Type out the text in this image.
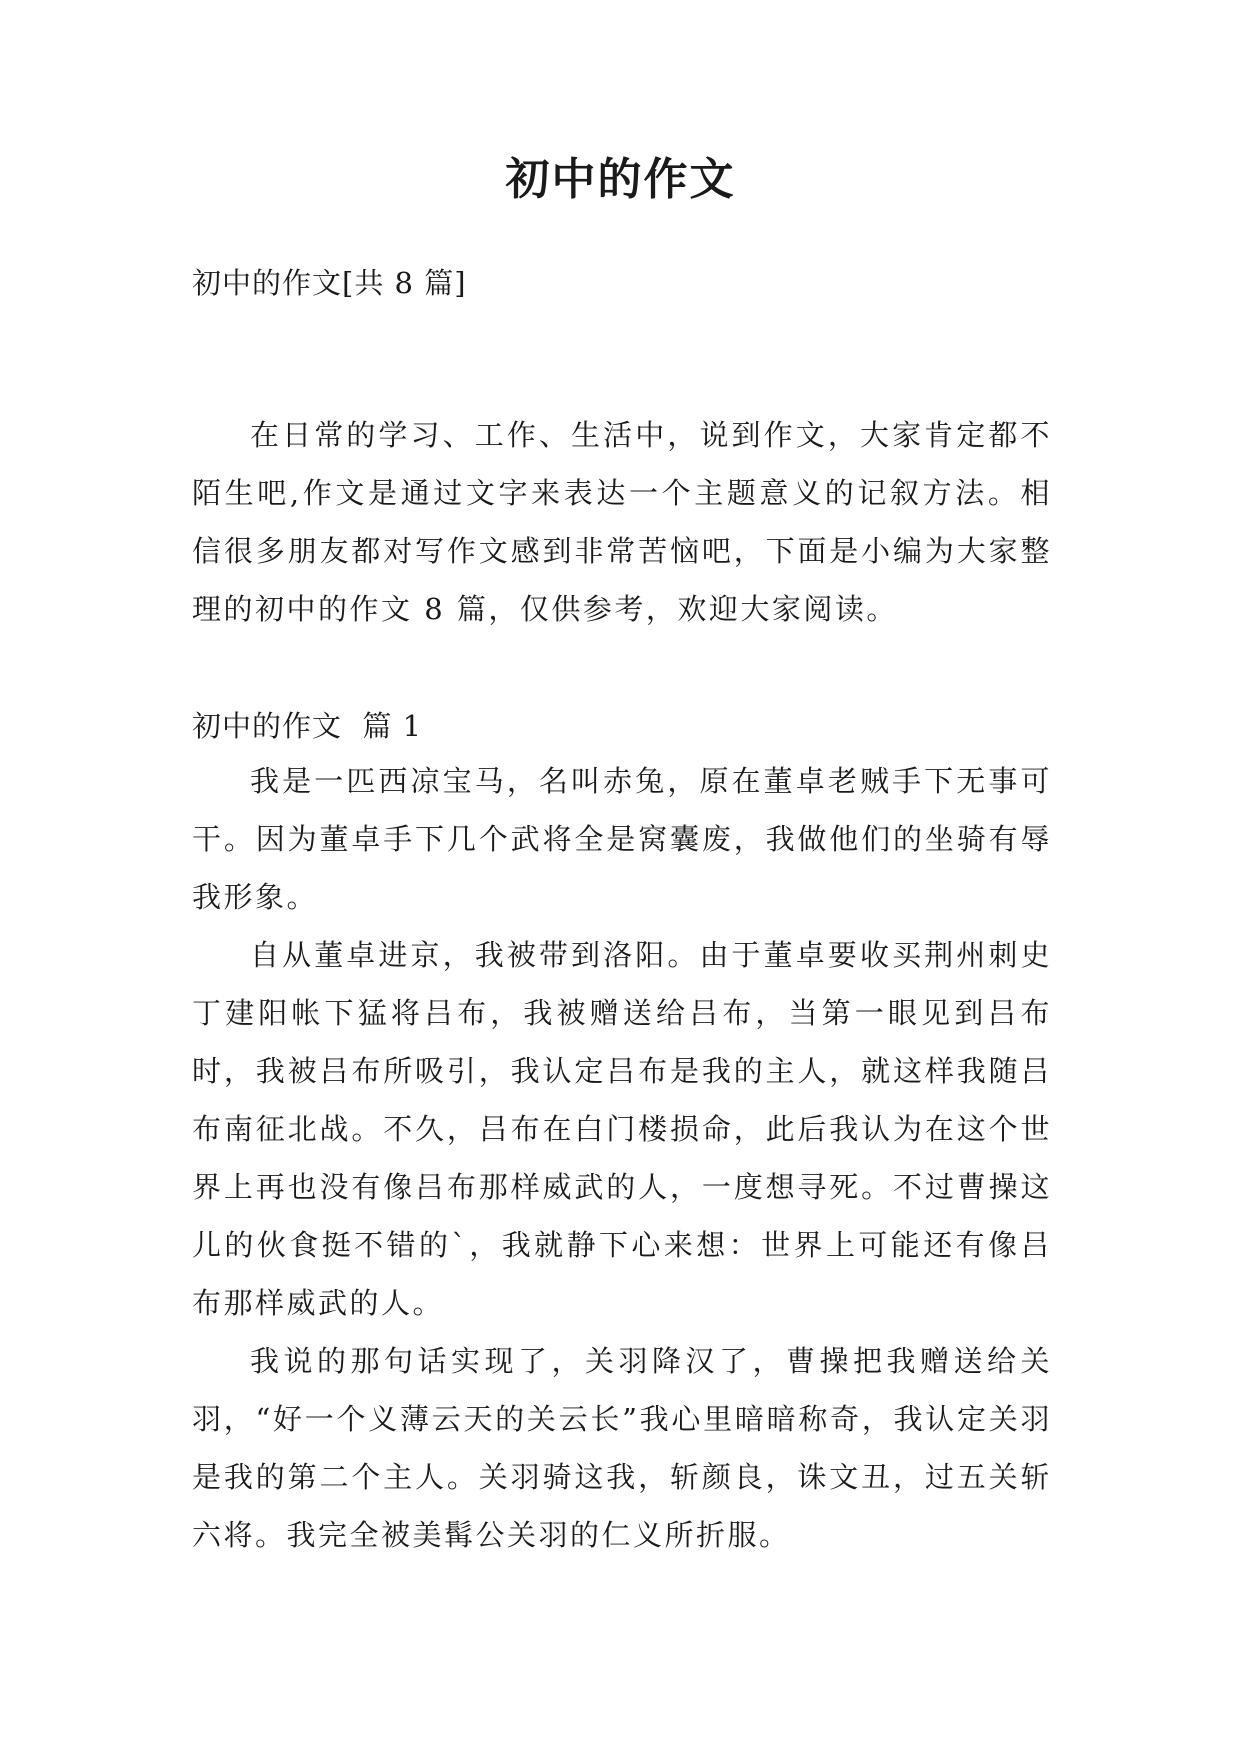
初中的作文
初中的作文[共 8 篇]

在日常的学习、工作、生活中，说到作文，大家肯定都不陌生吧,作文是通过文字来表达一个主题意义的记叙方法。相信很多朋友都对写作文感到非常苦恼吧，下面是小编为大家整理的初中的作文 8 篇，仅供参考，欢迎大家阅读。

初中的作文  篇 1

我是一匹西凉宝马，名叫赤兔，原在董卓老贼手下无事可干。因为董卓手下几个武将全是窝囊废，我做他们的坐骑有辱我形象。

自从董卓进京，我被带到洛阳。由于董卓要收买荆州刺史丁建阳帐下猛将吕布，我被赠送给吕布，当第一眼见到吕布时，我被吕布所吸引，我认定吕布是我的主人，就这样我随吕布南征北战。不久，吕布在白门楼损命，此后我认为在这个世界上再也没有像吕布那样威武的人，一度想寻死。不过曹操这儿的伙食挺不错的`，我就静下心来想：世界上可能还有像吕布那样威武的人。

我说的那句话实现了，关羽降汉了，曹操把我赠送给关羽，“好一个义薄云天的关云长”我心里暗暗称奇，我认定关羽是我的第二个主人。关羽骑这我，斩颜良，诛文丑，过五关斩六将。我完全被美髯公关羽的仁义所折服。
